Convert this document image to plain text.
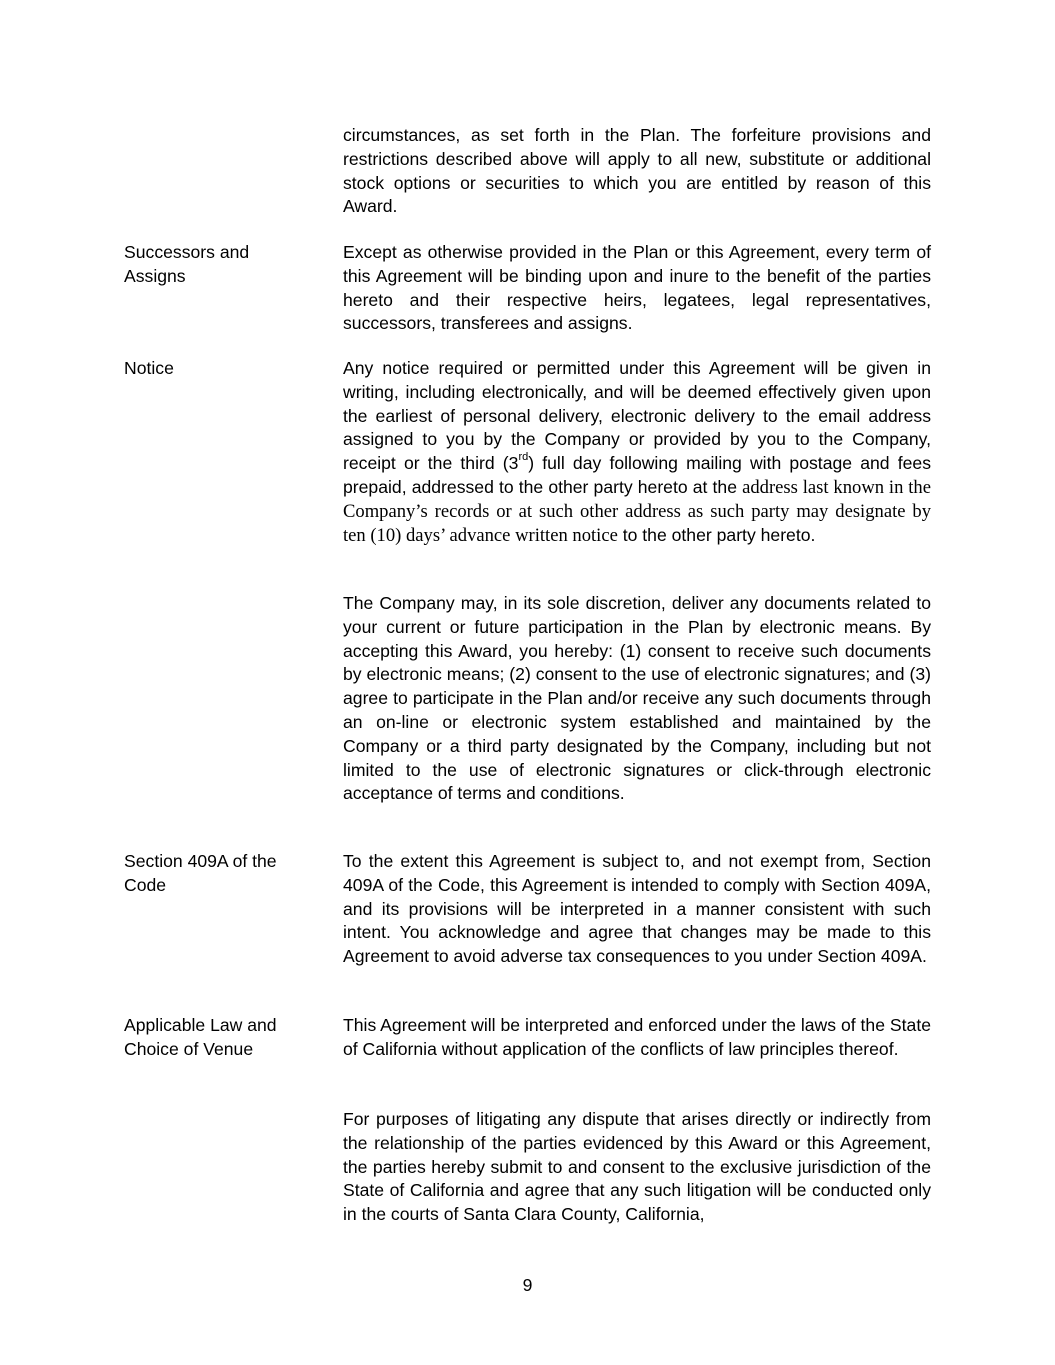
circumstances, as set forth in the Plan. The forfeiture provisions and restrictions described above will apply to all new, substitute or additional stock options or securities to which you are entitled by reason of this Award.

Successors and Assigns

Except as otherwise provided in the Plan or this Agreement, every term of this Agreement will be binding upon and inure to the benefit of the parties hereto and their respective heirs, legatees, legal representatives, successors, transferees and assigns.

Notice	Any notice required or permitted under this Agreement will be given in writing, including electronically, and will be deemed effectively given upon the earliest of personal delivery, electronic delivery to the email address assigned to you by the Company or provided by you to the Company, receipt or the third (3rd) full day following mailing with postage and fees prepaid, addressed to the other party hereto at the address last known in the Company’s records or at such other address as such party may designate by ten (10) days’ advance written notice to the other party hereto.

The Company may, in its sole discretion, deliver any documents related to your current or future participation in the Plan by electronic means. By accepting this Award, you hereby: (1) consent to receive such documents by electronic means; (2) consent to the use of electronic signatures; and (3) agree to participate in the Plan and/or receive any such documents through an on-line or electronic system established and maintained by the Company or a third party designated by the Company, including but not limited to the use of electronic signatures or click-through electronic acceptance of terms and conditions.

Section 409A of the Code

To the extent this Agreement is subject to, and not exempt from, Section 409A of the Code, this Agreement is intended to comply with Section 409A, and its provisions will be interpreted in a manner consistent with such intent. You acknowledge and agree that changes may be made to this Agreement to avoid adverse tax consequences to you under Section 409A.

Applicable Law and Choice of Venue

This Agreement will be interpreted and enforced under the laws of the State of California without application of the conflicts of law principles thereof.

For purposes of litigating any dispute that arises directly or indirectly from the relationship of the parties evidenced by this Award or this Agreement, the parties hereby submit to and consent to the exclusive jurisdiction of the State of California and agree that any such litigation will be conducted only in the courts of Santa Clara County, California,

9
